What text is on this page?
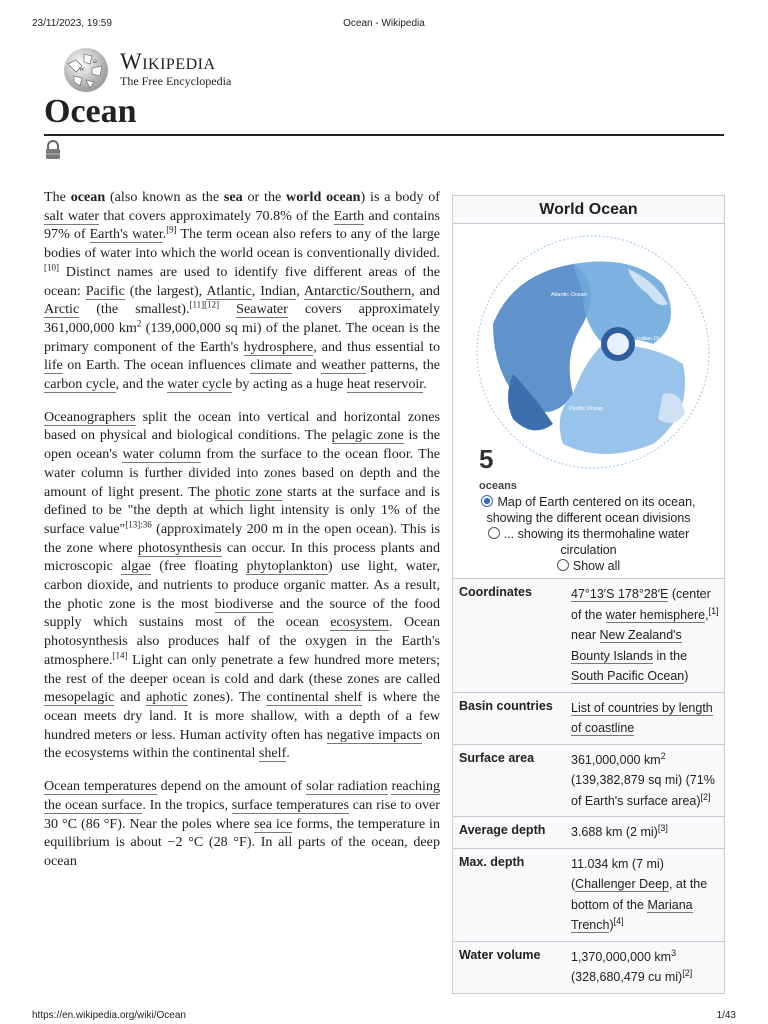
23/11/2023, 19:59	Ocean - Wikipedia
W
Ω Wikipedia
The Free Encyclopedia
Ocean

The ocean (also known as the sea or the world ocean) is a body of salt water that covers approximately 70.8% of the Earth and contains 97% of Earth's water.[9] The term ocean also refers to any of the large bodies of water into which the world ocean is conventionally divided.[10] Distinct names are used to identify five different areas of the ocean: Pacific (the largest), Atlantic, Indian, Antarctic/Southern, and Arctic (the smallest).[11][12] Seawater covers approximately 361,000,000 $km^2$ (139,000,000 sq mi) of the planet. The ocean is the primary component of the Earth's hydrosphere, and thus essential to life on Earth. The ocean influences climate and weather patterns, the carbon cycle, and the water cycle by acting as a huge heat reservoir.

Oceanographers split the ocean into vertical and horizontal zones based on physical and biological conditions. The pelagic zone is the open ocean's water column from the surface to the ocean floor. The water column is further divided into zones based on depth and the amount of light present. The photic zone starts at the surface and is defined to be "the depth at which light intensity is only 1% of the surface value"$^{[13]:36}$ (approximately 200 m in the open ocean). This is the zone where photosynthesis can occur. In this process plants and microscopic algae (free floating phytoplankton) use light, water, carbon dioxide, and nutrients to produce organic matter. As a result, the photic zone is the most biodiverse and the source of the food supply which sustains most of the ocean ecosystem. Ocean photosynthesis also produces half of the oxygen in the Earth's atmosphere.[14] Light can only penetrate a few hundred more meters; the rest of the deeper ocean is cold and dark (these zones are called mesopelagic and aphotic zones). The continental shelf is where the ocean meets dry land. It is more shallow, with a depth of a few hundred meters or less. Human activity often has negative impacts on the ecosystems within the continental shelf.

Ocean temperatures depend on the amount of solar radiation reaching the ocean surface. In the tropics, surface temperatures can rise to over 30 °C (86 °F). Near the poles where sea ice forms, the temperature in equilibrium is about −2 °C (28 °F). In all parts of the ocean, deep ocean

World Ocean
Atlantic Ocean
Indian Ocean
Pacific Ocean
5
oceans
Map of Earth centered on its ocean, showing the different ocean divisions
... showing its thermohaline water circulation
Show all
Coordinates	47°13′S 178°28′E (center of the water hemisphere,[1] near New Zealand's Bounty Islands in the South Pacific Ocean)
Basin countries	List of countries by length of coastline
Surface area	361,000,000 $km^2$ (139,382,879 sq mi) (71% of Earth's surface area)[2]
Average depth	3.688 km (2 mi)[3]
Max. depth	11.034 km (7 mi) (Challenger Deep, at the bottom of the Mariana Trench)[4]
Water volume	1,370,000,000 $km^3$ (328,680,479 cu mi)[2]
https://en.wikipedia.org/wiki/Ocean	1/43
